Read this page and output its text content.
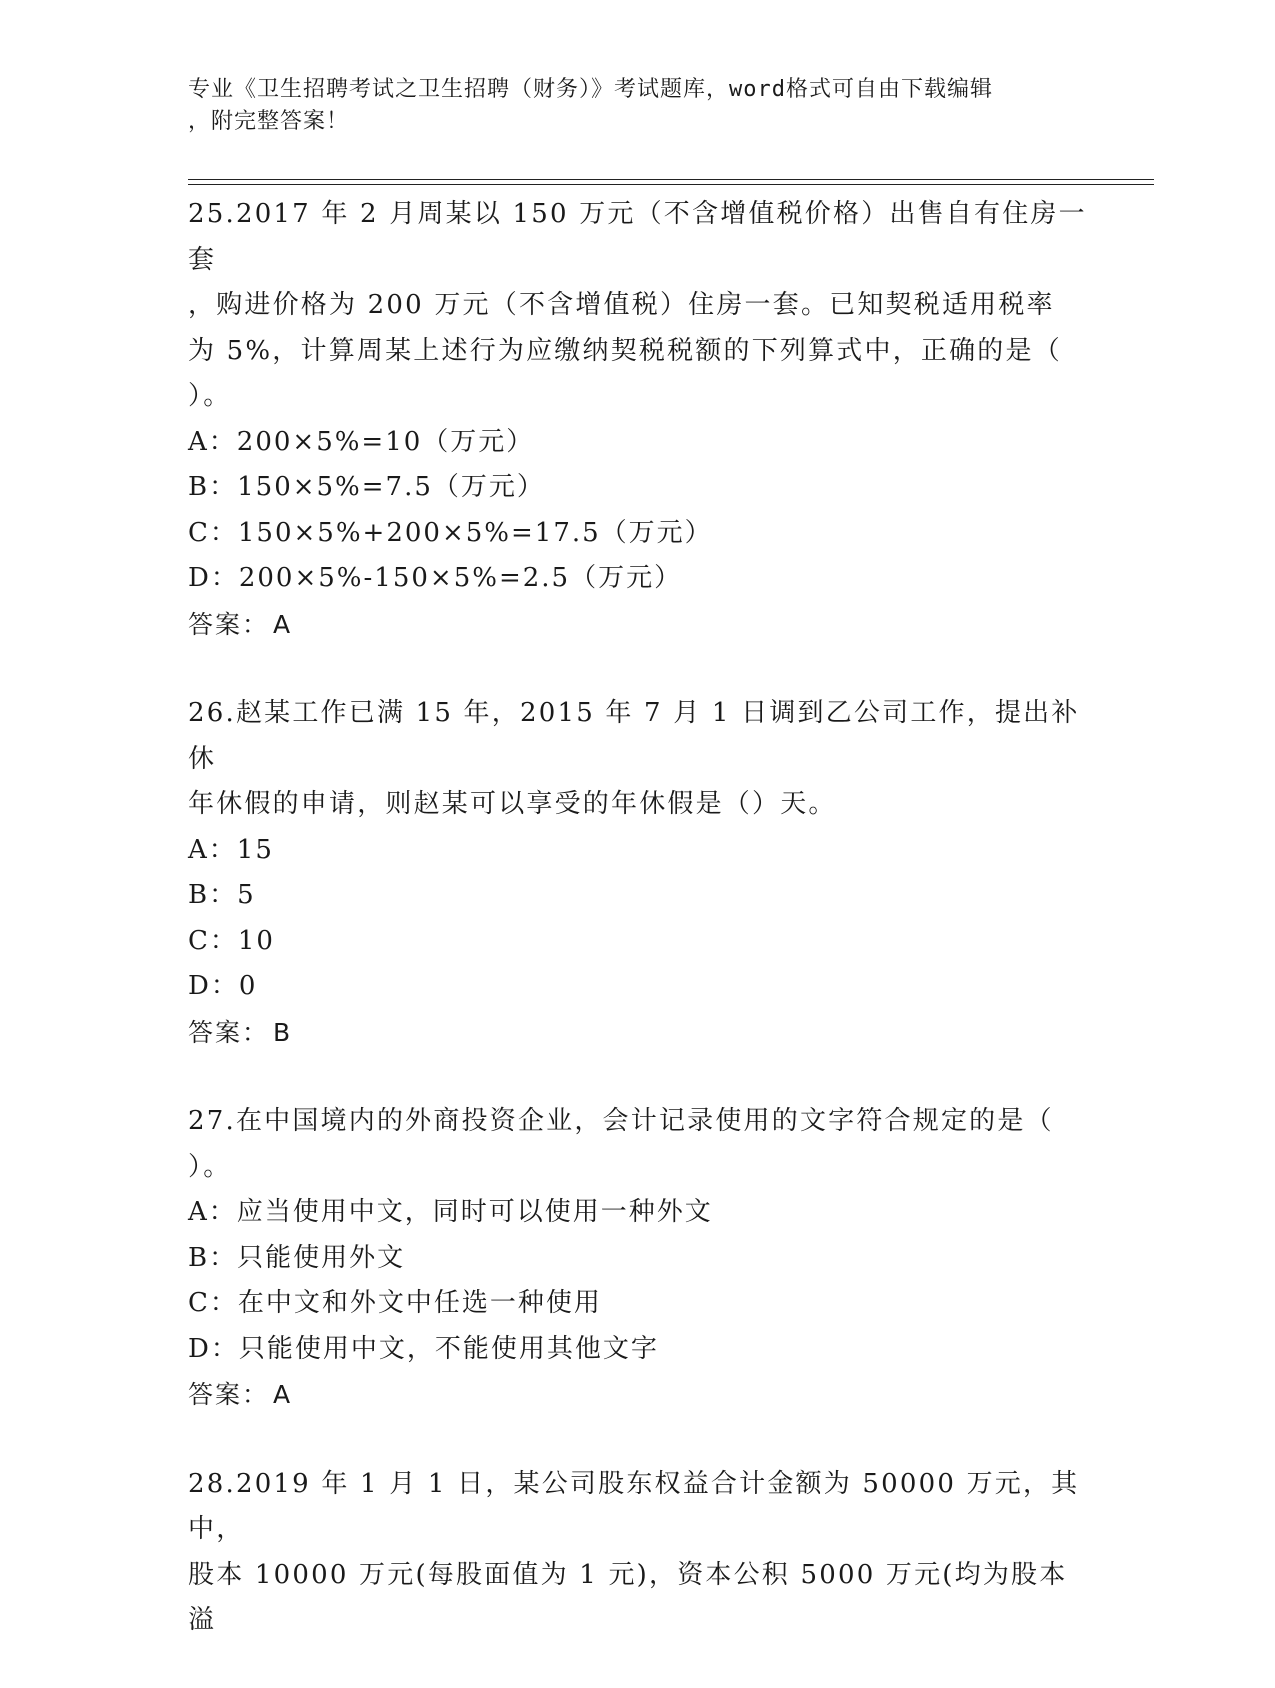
专业《卫生招聘考试之卫生招聘（财务）》考试题库，word格式可自由下载编辑
，附完整答案！

25.2017 年 2 月周某以 150 万元（不含增值税价格）出售自有住房一套

，购进价格为 200 万元（不含增值税）住房一套。已知契税适用税率

为 5%，计算周某上述行为应缴纳契税税额的下列算式中，正确的是（

）。

A：200×5%=10（万元）

B：150×5%=7.5（万元）

C：150×5%+200×5%=17.5（万元）

D：200×5%-150×5%=2.5（万元）

答案： A

26.赵某工作已满 15 年，2015 年 7 月 1 日调到乙公司工作，提出补休

年休假的申请，则赵某可以享受的年休假是（）天。

A：15

B：5

C：10

D：0

答案： B

27.在中国境内的外商投资企业，会计记录使用的文字符合规定的是（

）。

A：应当使用中文，同时可以使用一种外文

B：只能使用外文

C：在中文和外文中任选一种使用

D：只能使用中文，不能使用其他文字

答案： A

28.2019 年 1 月 1 日，某公司股东权益合计金额为 50000 万元，其中，

股本 10000 万元(每股面值为 1 元)，资本公积 5000 万元(均为股本溢
